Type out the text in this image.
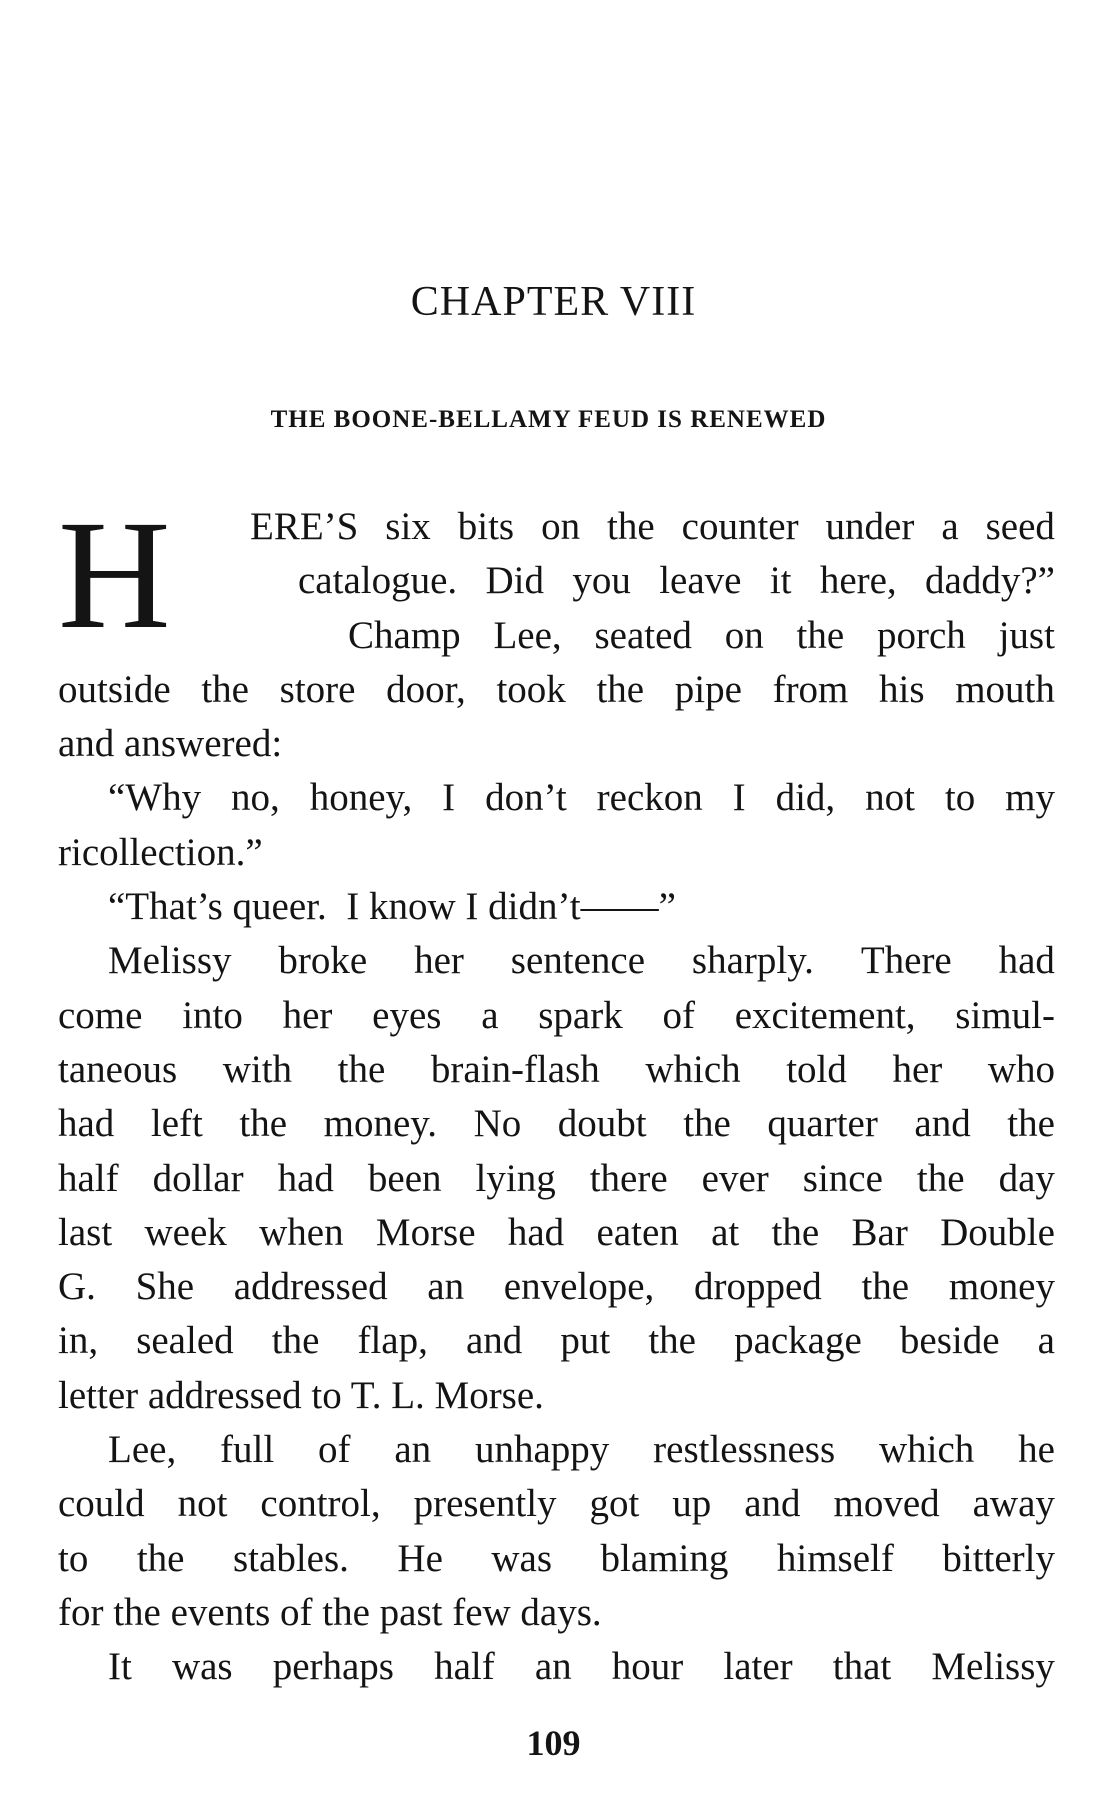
CHAPTER VIII
THE BOONE-BELLAMY FEUD IS RENEWED
H ERE’S six bits on the counter under a seed
catalogue. Did you leave it here, daddy?”
Champ Lee, seated on the porch just
outside the store door, took the pipe from his mouth
and answered:
“Why no, honey, I don’t reckon I did, not to my
ricollection.”
“That’s queer.  I know I didn’t——”
Melissy broke her sentence sharply. There had
come into her eyes a spark of excitement, simul-
taneous with the brain-flash which told her who
had left the money. No doubt the quarter and the
half dollar had been lying there ever since the day
last week when Morse had eaten at the Bar Double
G. She addressed an envelope, dropped the money
in, sealed the flap, and put the package beside a
letter addressed to T. L. Morse.
Lee, full of an unhappy restlessness which he
could not control, presently got up and moved away
to the stables. He was blaming himself bitterly
for the events of the past few days.
It was perhaps half an hour later that Melissy
109
